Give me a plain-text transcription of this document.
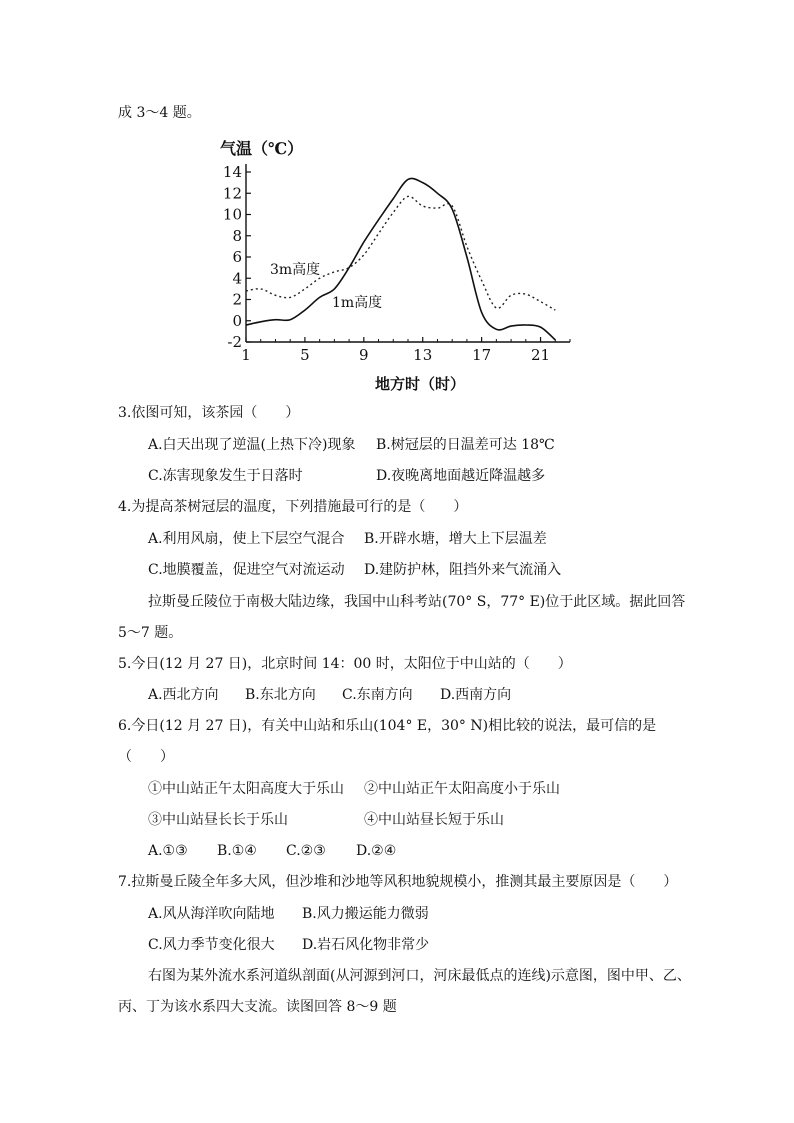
成 3～4 题。
气温（℃）
地方时（时）
14
12
10
8
6
4
2
0
-2
1	5	9	13	17	21
3m高度
1m高度
3.依图可知，该茶园（　　）
A.白天出现了逆温(上热下冷)现象 B.树冠层的日温差可达 18℃
C.冻害现象发生于日落时	D.夜晚离地面越近降温越多
4.为提高茶树冠层的温度，下列措施最可行的是（　　）
A.利用风扇，使上下层空气混合 B.开辟水塘，增大上下层温差
C.地膜覆盖，促进空气对流运动 D.建防护林，阻挡外来气流涌入
拉斯曼丘陵位于南极大陆边缘，我国中山科考站(70° S，77° E)位于此区域。据此回答
5～7 题。
5.今日(12 月 27 日)，北京时间 14：00 时，太阳位于中山站的（　　）
A.西北方向 B.东北方向 C.东南方向 D.西南方向
6.今日(12 月 27 日)，有关中山站和乐山(104° E，30° N)相比较的说法，最可信的是
（　　）
①中山站正午太阳高度大于乐山 ②中山站正午太阳高度小于乐山
③中山站昼长长于乐山	④中山站昼长短于乐山
A.①③ B.①④ C.②③ D.②④
7.拉斯曼丘陵全年多大风，但沙堆和沙地等风积地貌规模小，推测其最主要原因是（　　）
A.风从海洋吹向陆地 B.风力搬运能力微弱
C.风力季节变化很大 D.岩石风化物非常少
右图为某外流水系河道纵剖面(从河源到河口，河床最低点的连线)示意图，图中甲、乙、
丙、丁为该水系四大支流。读图回答 8～9 题
